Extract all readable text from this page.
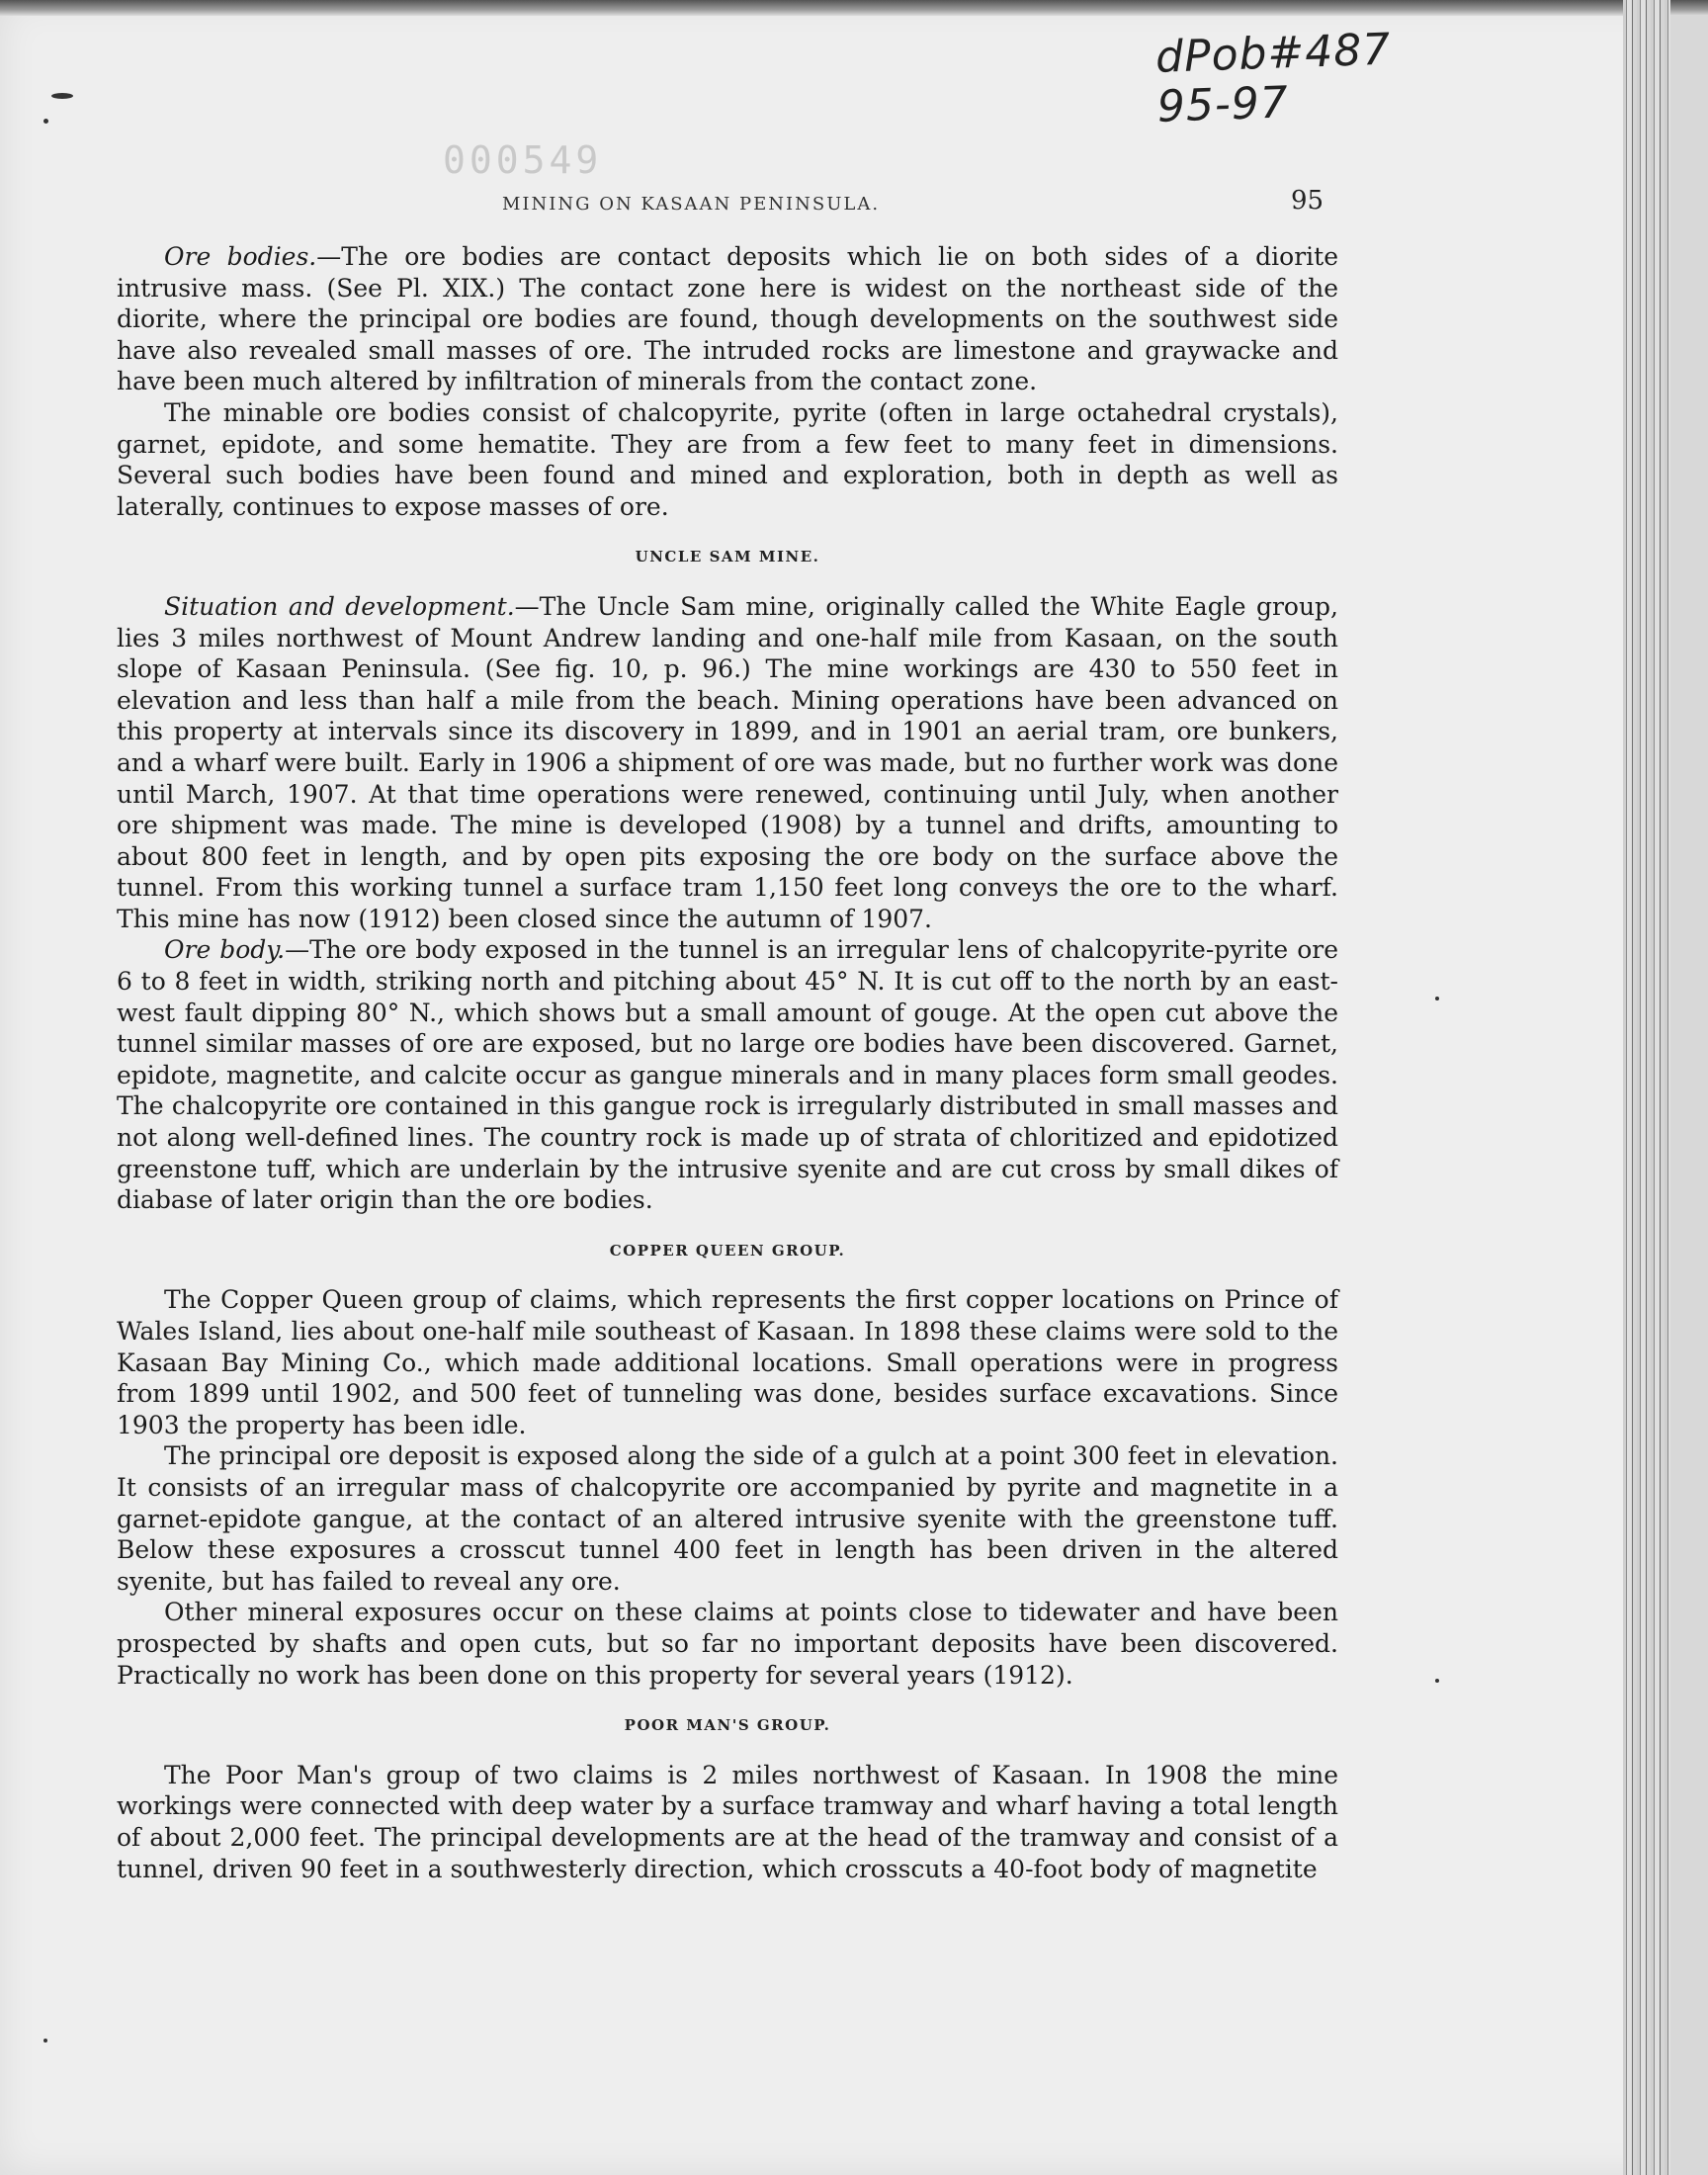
dPob#487
95-97
000549
MINING ON KASAAN PENINSULA.	95

Ore bodies.—The ore bodies are contact deposits which lie on both sides of a diorite intrusive mass. (See Pl. XIX.) The contact zone here is widest on the northeast side of the diorite, where the principal ore bodies are found, though developments on the southwest side have also revealed small masses of ore. The intruded rocks are limestone and graywacke and have been much altered by infiltration of minerals from the contact zone.

The minable ore bodies consist of chalcopyrite, pyrite (often in large octahedral crystals), garnet, epidote, and some hematite. They are from a few feet to many feet in dimensions. Several such bodies have been found and mined and exploration, both in depth as well as laterally, continues to expose masses of ore.

UNCLE SAM MINE.

Situation and development.—The Uncle Sam mine, originally called the White Eagle group, lies 3 miles northwest of Mount Andrew landing and one-half mile from Kasaan, on the south slope of Kasaan Peninsula. (See fig. 10, p. 96.) The mine workings are 430 to 550 feet in elevation and less than half a mile from the beach. Mining operations have been advanced on this property at intervals since its discovery in 1899, and in 1901 an aerial tram, ore bunkers, and a wharf were built. Early in 1906 a shipment of ore was made, but no further work was done until March, 1907. At that time operations were renewed, continuing until July, when another ore shipment was made. The mine is developed (1908) by a tunnel and drifts, amounting to about 800 feet in length, and by open pits exposing the ore body on the surface above the tunnel. From this working tunnel a surface tram 1,150 feet long conveys the ore to the wharf. This mine has now (1912) been closed since the autumn of 1907.

Ore body.—The ore body exposed in the tunnel is an irregular lens of chalcopyrite-pyrite ore 6 to 8 feet in width, striking north and pitching about 45° N. It is cut off to the north by an east-west fault dipping 80° N., which shows but a small amount of gouge. At the open cut above the tunnel similar masses of ore are exposed, but no large ore bodies have been discovered. Garnet, epidote, magnetite, and calcite occur as gangue minerals and in many places form small geodes. The chalcopyrite ore contained in this gangue rock is irregularly distributed in small masses and not along well-defined lines. The country rock is made up of strata of chloritized and epidotized greenstone tuff, which are underlain by the intrusive syenite and are cut cross by small dikes of diabase of later origin than the ore bodies.

COPPER QUEEN GROUP.

The Copper Queen group of claims, which represents the first copper locations on Prince of Wales Island, lies about one-half mile southeast of Kasaan. In 1898 these claims were sold to the Kasaan Bay Mining Co., which made additional locations. Small operations were in progress from 1899 until 1902, and 500 feet of tunneling was done, besides surface excavations. Since 1903 the property has been idle.

The principal ore deposit is exposed along the side of a gulch at a point 300 feet in elevation. It consists of an irregular mass of chalcopyrite ore accompanied by pyrite and magnetite in a garnet-epidote gangue, at the contact of an altered intrusive syenite with the greenstone tuff. Below these exposures a crosscut tunnel 400 feet in length has been driven in the altered syenite, but has failed to reveal any ore.

Other mineral exposures occur on these claims at points close to tidewater and have been prospected by shafts and open cuts, but so far no important deposits have been discovered. Practically no work has been done on this property for several years (1912).

POOR MAN'S GROUP.

The Poor Man's group of two claims is 2 miles northwest of Kasaan. In 1908 the mine workings were connected with deep water by a surface tramway and wharf having a total length of about 2,000 feet. The principal developments are at the head of the tramway and consist of a tunnel, driven 90 feet in a southwesterly direction, which crosscuts a 40-foot body of magnetite
